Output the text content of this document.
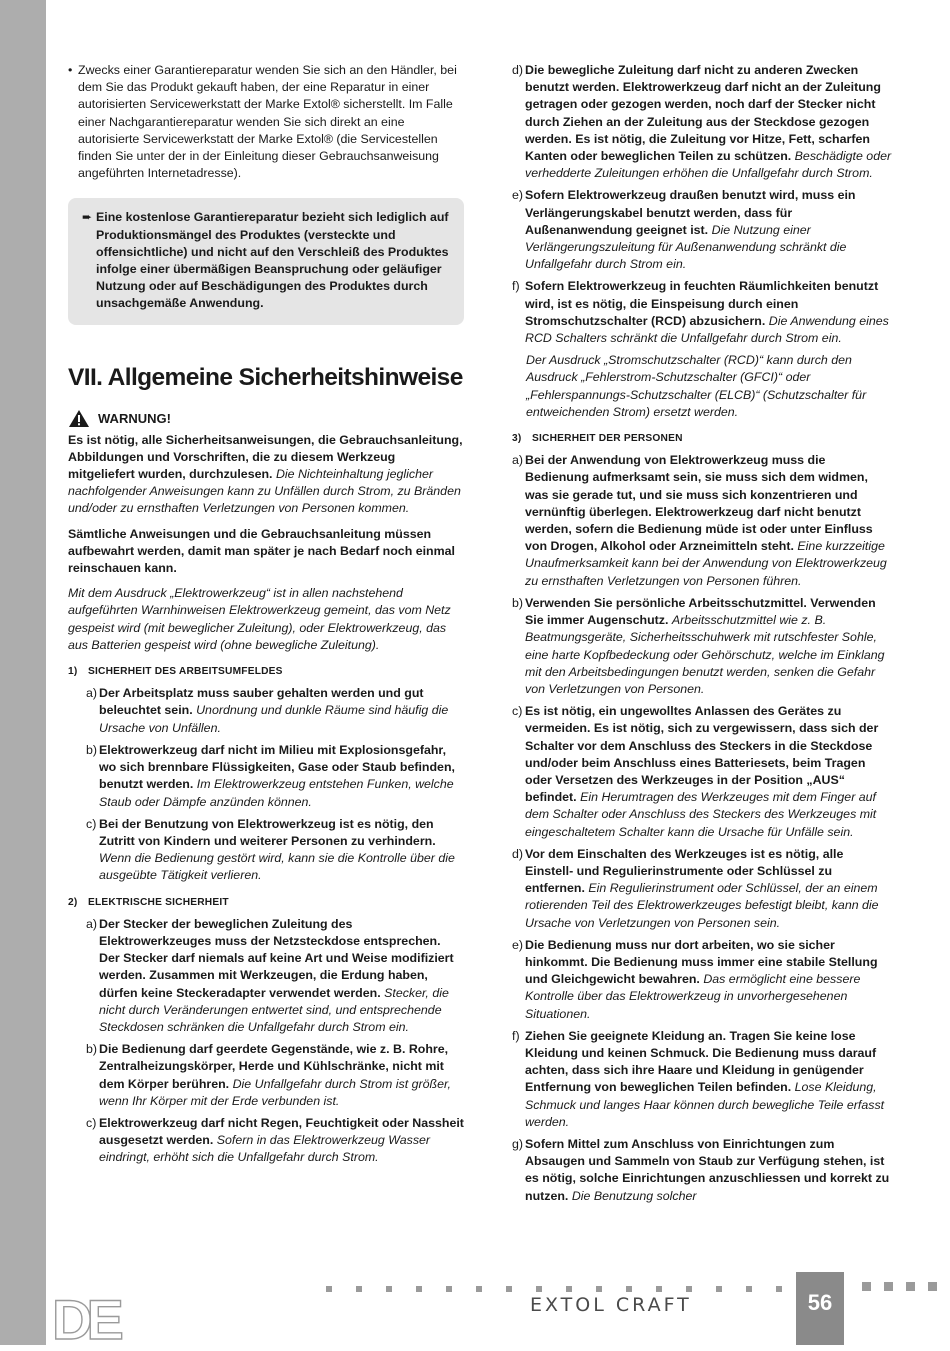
• Zwecks einer Garantiereparatur wenden Sie sich an den Händler, bei dem Sie das Produkt gekauft haben, der eine Reparatur in einer autorisierten Servicewerkstatt der Marke Extol® sicherstellt. Im Falle einer Nachgarantiereparatur wenden Sie sich direkt an eine autorisierte Servicewerkstatt der Marke Extol® (die Servicestellen finden Sie unter der in der Einleitung dieser Gebrauchsanweisung angeführten Internetadresse).

➨ Eine kostenlose Garantiereparatur bezieht sich lediglich auf Produktionsmängel des Produktes (versteckte und offensichtliche) und nicht auf den Verschleiß des Produktes infolge einer übermäßigen Beanspruchung oder geläufiger Nutzung oder auf Beschädigungen des Produktes durch unsachgemäße Anwendung.

VII. Allgemeine Sicherheitshinweise
WARNUNG!

Es ist nötig, alle Sicherheitsanweisungen, die Gebrauchsanleitung, Abbildungen und Vorschriften, die zu diesem Werkzeug mitgeliefert wurden, durchzulesen. Die Nichteinhaltung jeglicher nachfolgender Anweisungen kann zu Unfällen durch Strom, zu Bränden und/oder zu ernsthaften Verletzungen von Personen kommen.

Sämtliche Anweisungen und die Gebrauchsanleitung müssen aufbewahrt werden, damit man später je nach Bedarf noch einmal reinschauen kann.

Mit dem Ausdruck „Elektrowerkzeug“ ist in allen nachstehend aufgeführten Warnhinweisen Elektrowerkzeug gemeint, das vom Netz gespeist wird (mit beweglicher Zuleitung), oder Elektrowerkzeug, das aus Batterien gespeist wird (ohne bewegliche Zuleitung).

1)	SICHERHEIT DES ARBEITSUMFELDES
a) Der Arbeitsplatz muss sauber gehalten werden und gut beleuchtet sein. Unordnung und dunkle Räume sind häufig die Ursache von Unfällen.

b) Elektrowerkzeug darf nicht im Milieu mit Explosionsgefahr, wo sich brennbare Flüssigkeiten, Gase oder Staub befinden, benutzt werden. Im Elektrowerkzeug entstehen Funken, welche Staub oder Dämpfe anzünden können.

c) Bei der Benutzung von Elektrowerkzeug ist es nötig, den Zutritt von Kindern und weiterer Personen zu verhindern. Wenn die Bedienung gestört wird, kann sie die Kontrolle über die ausgeübte Tätigkeit verlieren.

2)	ELEKTRISCHE SICHERHEIT
a) Der Stecker der beweglichen Zuleitung des Elektrowerkzeuges muss der Netzsteckdose entsprechen. Der Stecker darf niemals auf keine Art und Weise modifiziert werden. Zusammen mit Werkzeugen, die Erdung haben, dürfen keine Steckeradapter verwendet werden. Stecker, die nicht durch Veränderungen entwertet sind, und entsprechende Steckdosen schränken die Unfallgefahr durch Strom ein.

b) Die Bedienung darf geerdete Gegenstände, wie z. B. Rohre, Zentralheizungskörper, Herde und Kühlschränke, nicht mit dem Körper berühren. Die Unfallgefahr durch Strom ist größer, wenn Ihr Körper mit der Erde verbunden ist.

c) Elektrowerkzeug darf nicht Regen, Feuchtigkeit oder Nassheit ausgesetzt werden. Sofern in das Elektrowerkzeug Wasser eindringt, erhöht sich die Unfallgefahr durch Strom.

d) Die bewegliche Zuleitung darf nicht zu anderen Zwecken benutzt werden. Elektrowerkzeug darf nicht an der Zuleitung getragen oder gezogen werden, noch darf der Stecker nicht durch Ziehen an der Zuleitung aus der Steckdose gezogen werden. Es ist nötig, die Zuleitung vor Hitze, Fett, scharfen Kanten oder beweglichen Teilen zu schützen. Beschädigte oder verhedderte Zuleitungen erhöhen die Unfallgefahr durch Strom.

e) Sofern Elektrowerkzeug draußen benutzt wird, muss ein Verlängerungskabel benutzt werden, dass für Außenanwendung geeignet ist. Die Nutzung einer Verlängerungszuleitung für Außenanwendung schränkt die Unfallgefahr durch Strom ein.

f) Sofern Elektrowerkzeug in feuchten Räumlichkeiten benutzt wird, ist es nötig, die Einspeisung durch einen Stromschutzschalter (RCD) abzusichern. Die Anwendung eines RCD Schalters schränkt die Unfallgefahr durch Strom ein.

Der Ausdruck „Stromschutzschalter (RCD)“ kann durch den Ausdruck „Fehlerstrom-Schutzschalter (GFCI)“ oder „Fehlerspannungs-Schutzschalter (ELCB)“ (Schutzschalter für entweichenden Strom) ersetzt werden.

3)	SICHERHEIT DER PERSONEN
a) Bei der Anwendung von Elektrowerkzeug muss die Bedienung aufmerksamt sein, sie muss sich dem widmen, was sie gerade tut, und sie muss sich konzentrieren und vernünftig überlegen. Elektrowerkzeug darf nicht benutzt werden, sofern die Bedienung müde ist oder unter Einfluss von Drogen, Alkohol oder Arzneimitteln steht. Eine kurzzeitige Unaufmerksamkeit kann bei der Anwendung von Elektrowerkzeug zu ernsthaften Verletzungen von Personen führen.

b) Verwenden Sie persönliche Arbeitsschutzmittel. Verwenden Sie immer Augenschutz. Arbeitsschutzmittel wie z. B. Beatmungsgeräte, Sicherheitsschuhwerk mit rutschfester Sohle, eine harte Kopfbedeckung oder Gehörschutz, welche im Einklang mit den Arbeitsbedingungen benutzt werden, senken die Gefahr von Verletzungen von Personen.

c) Es ist nötig, ein ungewolltes Anlassen des Gerätes zu vermeiden. Es ist nötig, sich zu vergewissern, dass sich der Schalter vor dem Anschluss des Steckers in die Steckdose und/oder beim Anschluss eines Batteriesets, beim Tragen oder Versetzen des Werkzeuges in der Position „AUS“ befindet. Ein Herumtragen des Werkzeuges mit dem Finger auf dem Schalter oder Anschluss des Steckers des Werkzeuges mit eingeschaltetem Schalter kann die Ursache für Unfälle sein.

d) Vor dem Einschalten des Werkzeuges ist es nötig, alle Einstell- und Regulierinstrumente oder Schlüssel zu entfernen. Ein Regulierinstrument oder Schlüssel, der an einem rotierenden Teil des Elektrowerkzeuges befestigt bleibt, kann die Ursache von Verletzungen von Personen sein.

e) Die Bedienung muss nur dort arbeiten, wo sie sicher hinkommt. Die Bedienung muss immer eine stabile Stellung und Gleichgewicht bewahren. Das ermöglicht eine bessere Kontrolle über das Elektrowerkzeug in unvorhergesehenen Situationen.

f) Ziehen Sie geeignete Kleidung an. Tragen Sie keine lose Kleidung und keinen Schmuck. Die Bedienung muss darauf achten, dass sich ihre Haare und Kleidung in genügender Entfernung von beweglichen Teilen befinden. Lose Kleidung, Schmuck und langes Haar können durch bewegliche Teile erfasst werden.

g) Sofern Mittel zum Anschluss von Einrichtungen zum Absaugen und Sammeln von Staub zur Verfügung stehen, ist es nötig, solche Einrichtungen anzuschliessen und korrekt zu nutzen. Die Benutzung solcher

DE	EXTOL CRAFT	56
